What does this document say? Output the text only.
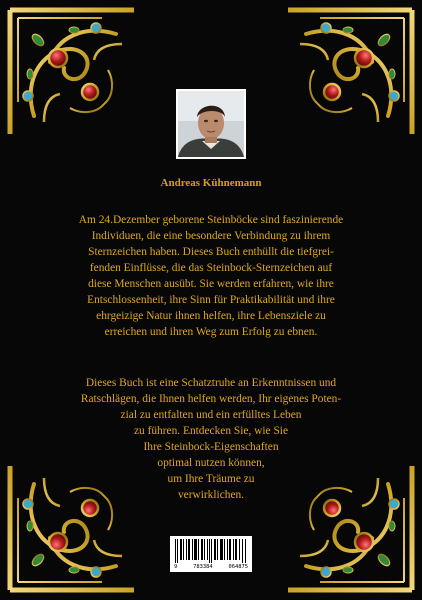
Andreas Kühnemann

Am 24.Dezember geborene Steinböcke sind faszinierende
Individuen, die eine besondere Verbindung zu ihrem
Sternzeichen haben. Dieses Buch enthüllt die tiefgrei-
fenden Einflüsse, die das Steinbock-Sternzeichen auf
diese Menschen ausübt. Sie werden erfahren, wie ihre
Entschlossenheit, ihre Sinn für Praktikabilität und ihre
ehrgeizige Natur ihnen helfen, ihre Lebensziele zu
erreichen und ihren Weg zum Erfolg zu ebnen.

Dieses Buch ist eine Schatztruhe an Erkenntnissen und
Ratschlägen, die Ihnen helfen werden, Ihr eigenes Poten-
zial zu entfalten und ein erfülltes Leben
zu führen. Entdecken Sie, wie Sie
Ihre Steinbock-Eigenschaften
optimal nutzen können,
um Ihre Träume zu
verwirklichen.

9	783384	064875
